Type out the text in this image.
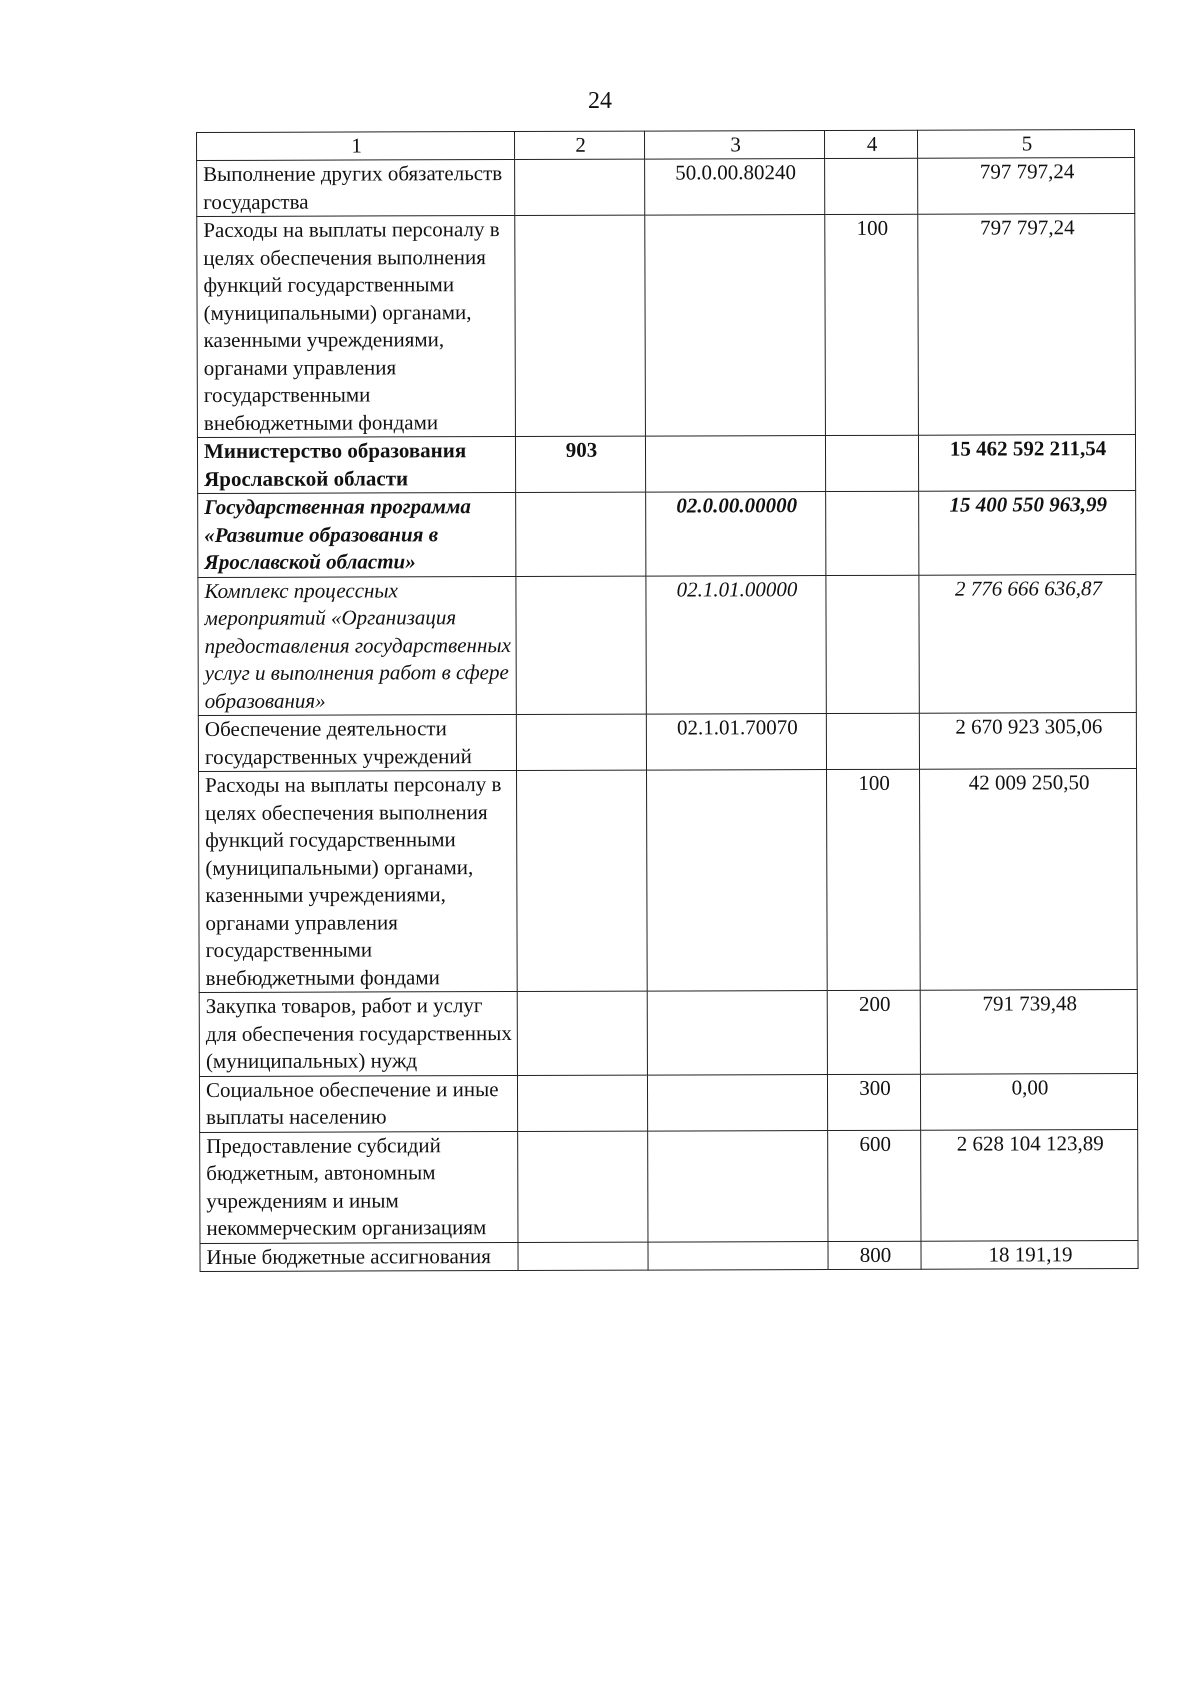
24
1	2	3	4	5
Выполнение других обязательств государства		50.0.00.80240		797 797,24
Расходы на выплаты персоналу в целях обеспечения выполнения функций государственными (муниципальными) органами, казенными учреждениями, органами управления государственными внебюджетными фондами			100	797 797,24
Министерство образования Ярославской области	903			15 462 592 211,54
Государственная программа «Развитие образования в Ярославской области»		02.0.00.00000		15 400 550 963,99
Комплекс процессных мероприятий «Организация предоставления государственных услуг и выполнения работ в сфере образования»		02.1.01.00000		2 776 666 636,87
Обеспечение деятельности государственных учреждений		02.1.01.70070		2 670 923 305,06
Расходы на выплаты персоналу в целях обеспечения выполнения функций государственными (муниципальными) органами, казенными учреждениями, органами управления государственными внебюджетными фондами			100	42 009 250,50
Закупка товаров, работ и услуг для обеспечения государственных (муниципальных) нужд			200	791 739,48
Социальное обеспечение и иные выплаты населению			300	0,00
Предоставление субсидий бюджетным, автономным учреждениям и иным некоммерческим организациям			600	2 628 104 123,89
Иные бюджетные ассигнования			800	18 191,19
